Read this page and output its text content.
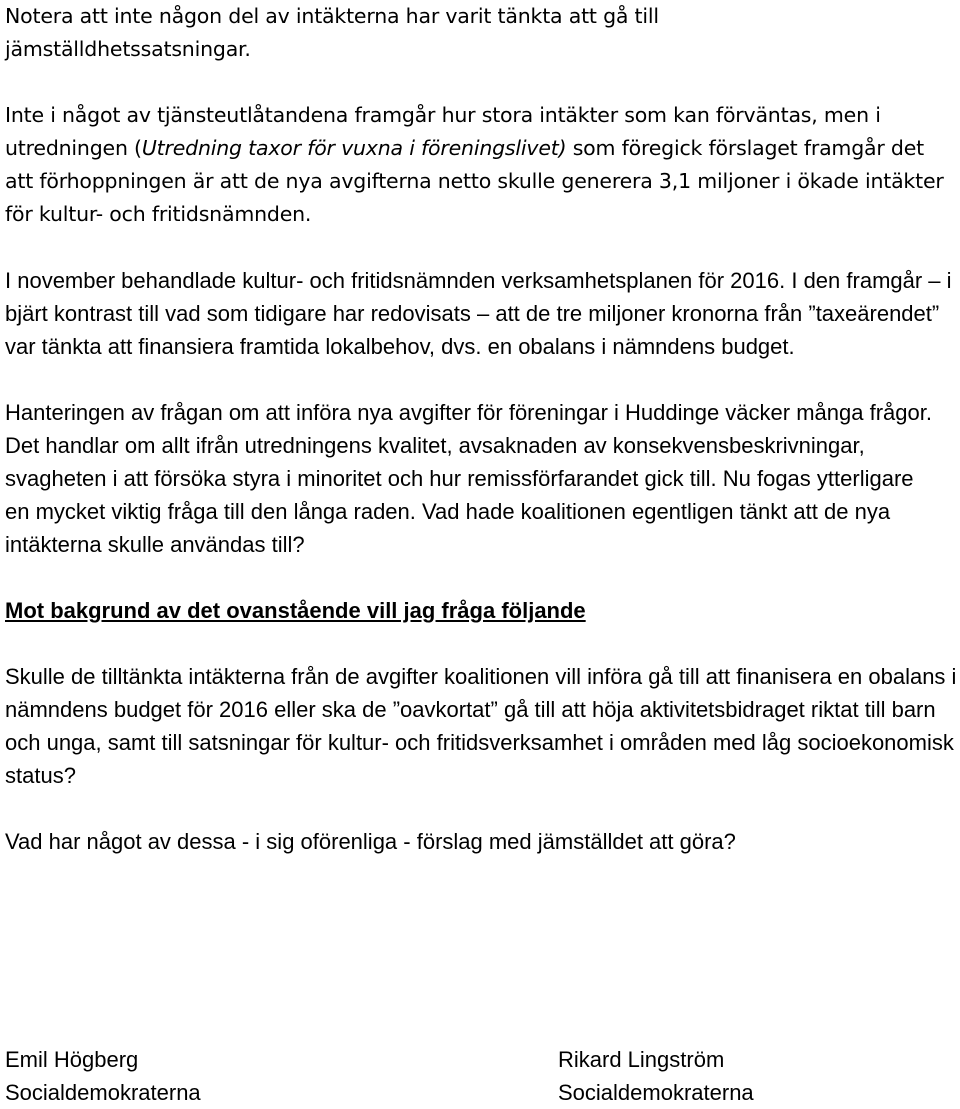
Notera att inte någon del av intäkterna har varit tänkta att gå till jämställdhetssatsningar.

Inte i något av tjänsteutlåtandena framgår hur stora intäkter som kan förväntas, men i utredningen (Utredning taxor för vuxna i föreningslivet) som föregick förslaget framgår det att förhoppningen är att de nya avgifterna netto skulle generera 3,1 miljoner i ökade intäkter för kultur- och fritidsnämnden.

I november behandlade kultur- och fritidsnämnden verksamhetsplanen för 2016. I den framgår – i bjärt kontrast till vad som tidigare har redovisats – att de tre miljoner kronorna från ”taxeärendet” var tänkta att finansiera framtida lokalbehov, dvs. en obalans i nämndens budget.

Hanteringen av frågan om att införa nya avgifter för föreningar i Huddinge väcker många frågor. Det handlar om allt ifrån utredningens kvalitet, avsaknaden av konsekvensbeskrivningar, svagheten i att försöka styra i minoritet och hur remissförfarandet gick till. Nu fogas ytterligare en mycket viktig fråga till den långa raden. Vad hade koalitionen egentligen tänkt att de nya intäkterna skulle användas till?

Mot bakgrund av det ovanstående vill jag fråga följande

Skulle de tilltänkta intäkterna från de avgifter koalitionen vill införa gå till att finanisera en obalans i nämndens budget för 2016 eller ska de ”oavkortat” gå till att höja aktivitetsbidraget riktat till barn och unga, samt till satsningar för kultur- och fritidsverksamhet i områden med låg socioekonomisk status?

Vad har något av dessa - i sig oförenliga - förslag med jämställdet att göra?

Emil Högberg
Socialdemokraterna
Rikard Lingström
Socialdemokraterna
